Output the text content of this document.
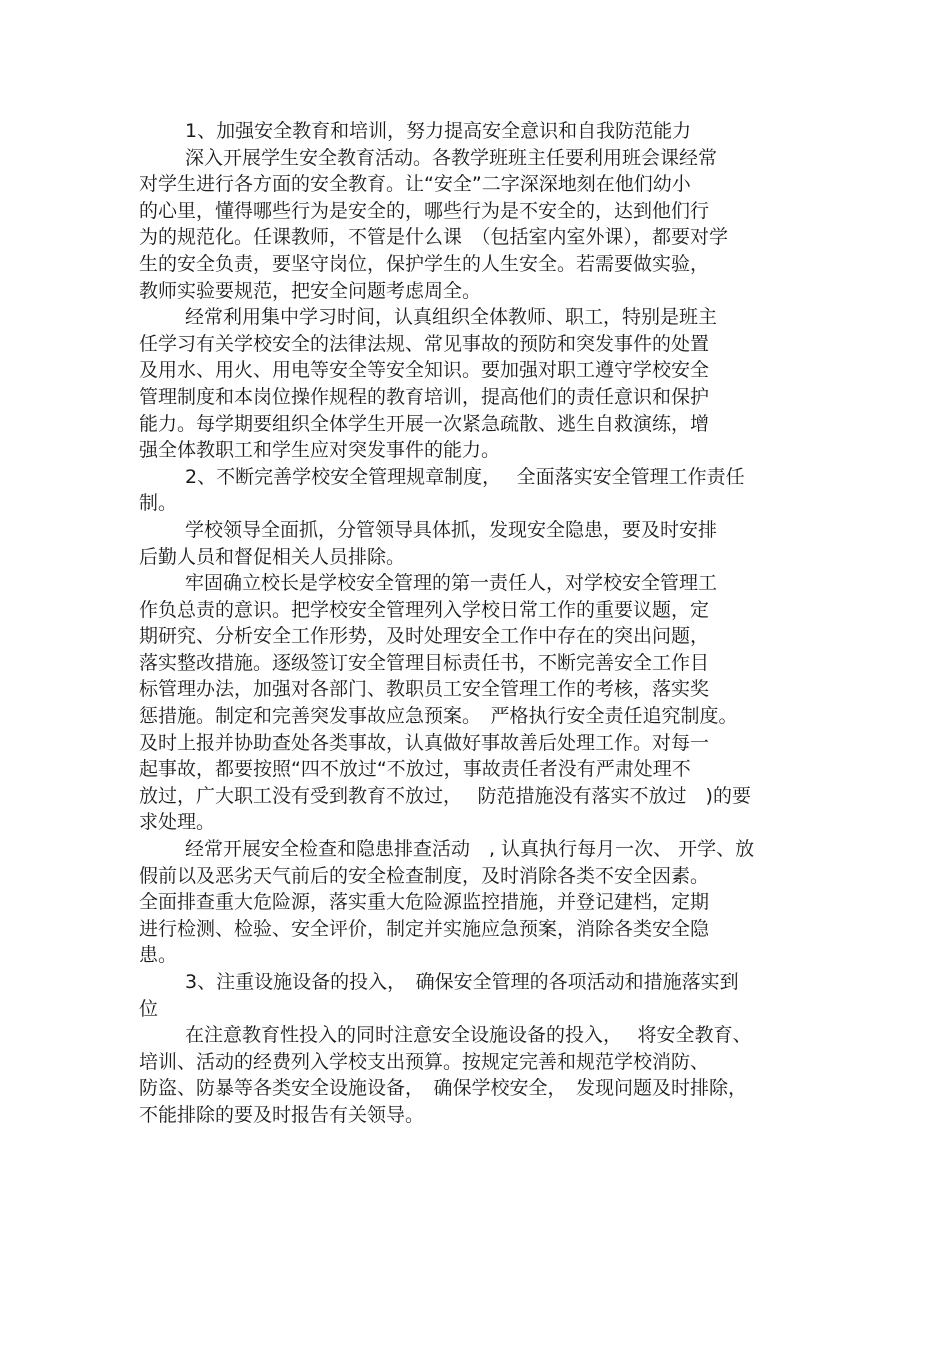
1、加强安全教育和培训，努力提高安全意识和自我防范能力
深入开展学生安全教育活动。各教学班班主任要利用班会课经常
对学生进行各方面的安全教育。让“安全”二字深深地刻在他们幼小
的心里，懂得哪些行为是安全的，哪些行为是不安全的，达到他们行
为的规范化。任课教师，不管是什么课　（包括室内室外课），都要对学
生的安全负责，要坚守岗位，保护学生的人生安全。若需要做实验，
教师实验要规范，把安全问题考虑周全。
经常利用集中学习时间，认真组织全体教师、职工，特别是班主
任学习有关学校安全的法律法规、常见事故的预防和突发事件的处置
及用水、用火、用电等安全等安全知识。要加强对职工遵守学校安全
管理制度和本岗位操作规程的教育培训，提高他们的责任意识和保护
能力。每学期要组织全体学生开展一次紧急疏散、逃生自救演练，增
强全体教职工和学生应对突发事件的能力。
2、不断完善学校安全管理规章制度，　 全面落实安全管理工作责任
制。
学校领导全面抓，分管领导具体抓，发现安全隐患，要及时安排
后勤人员和督促相关人员排除。
牢固确立校长是学校安全管理的第一责任人，对学校安全管理工
作负总责的意识。把学校安全管理列入学校日常工作的重要议题，定
期研究、分析安全工作形势，及时处理安全工作中存在的突出问题，
落实整改措施。逐级签订安全管理目标责任书，不断完善安全工作目
标管理办法，加强对各部门、教职员工安全管理工作的考核，落实奖
惩措施。制定和完善突发事故应急预案。　严格执行安全责任追究制度。
及时上报并协助查处各类事故，认真做好事故善后处理工作。对每一
起事故，都要按照“四不放过“不放过，事故责任者没有严肃处理不
放过，广大职工没有受到教育不放过，　 防范措施没有落实不放过　)的要
求处理。
经常开展安全检查和隐患排查活动　, 认真执行每月一次、 开学、放
假前以及恶劣天气前后的安全检查制度，及时消除各类不安全因素。
全面排查重大危险源，落实重大危险源监控措施，并登记建档，定期
进行检测、检验、安全评价，制定并实施应急预案，消除各类安全隐
患。
3、注重设施设备的投入，　确保安全管理的各项活动和措施落实到
位
在注意教育性投入的同时注意安全设施设备的投入，　 将安全教育、
培训、活动的经费列入学校支出预算。按规定完善和规范学校消防、
防盗、防暴等各类安全设施设备，　确保学校安全，　发现问题及时排除，
不能排除的要及时报告有关领导。
